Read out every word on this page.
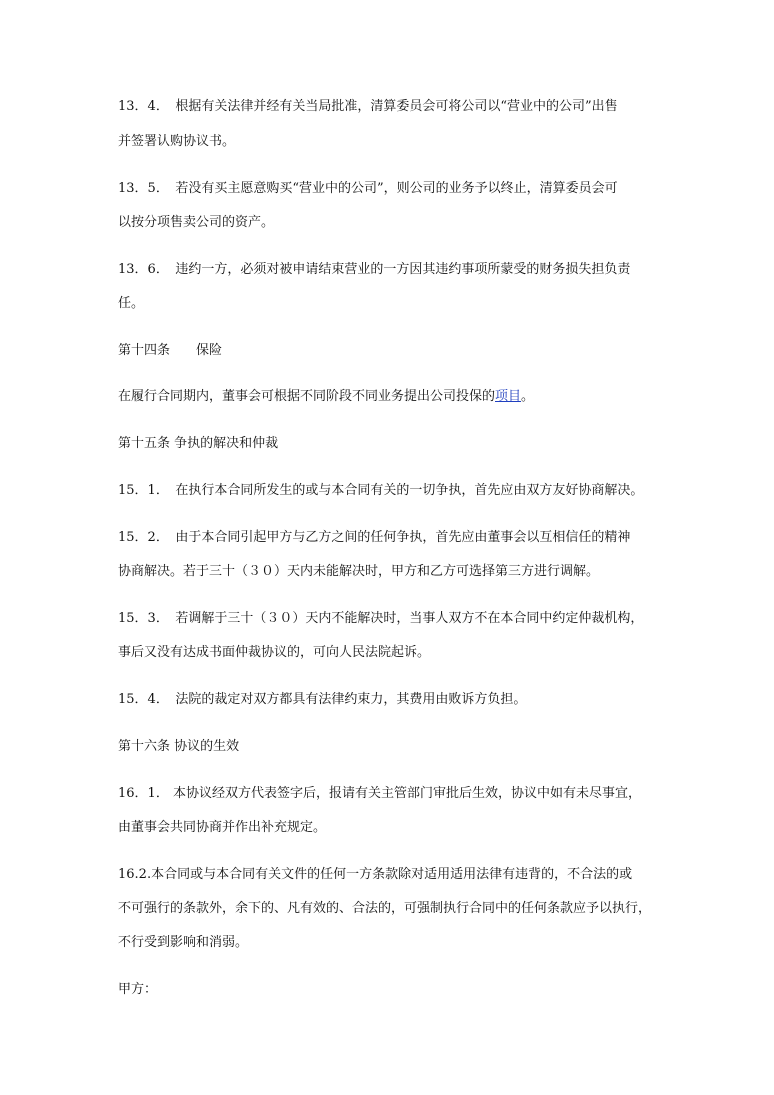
13．4．　根据有关法律并经有关当局批准，清算委员会可将公司以“营业中的公司”出售
并签署认购协议书。
13．5．　若没有买主愿意购买“营业中的公司”，则公司的业务予以终止，清算委员会可
以按分项售卖公司的资产。
13．6．　违约一方，必须对被申请结束营业的一方因其违约事项所蒙受的财务损失担负责
任。
第十四条　　保险
在履行合同期内，董事会可根据不同阶段不同业务提出公司投保的项目。
第十五条 争执的解决和仲裁
15．1．　在执行本合同所发生的或与本合同有关的一切争执，首先应由双方友好协商解决。
15．2．　由于本合同引起甲方与乙方之间的任何争执，首先应由董事会以互相信任的精神
协商解决。若于三十（３０）天内未能解决时，甲方和乙方可选择第三方进行调解。
15．3．　若调解于三十（３０）天内不能解决时，当事人双方不在本合同中约定仲裁机构，
事后又没有达成书面仲裁协议的，可向人民法院起诉。
15．4．　法院的裁定对双方都具有法律约束力，其费用由败诉方负担。
第十六条 协议的生效
16．1． 本协议经双方代表签字后，报请有关主管部门审批后生效，协议中如有未尽事宜，
由董事会共同协商并作出补充规定。
16.2.本合同或与本合同有关文件的任何一方条款除对适用适用法律有违背的，不合法的或
不可强行的条款外，余下的、凡有效的、合法的，可强制执行合同中的任何条款应予以执行，
不行受到影响和消弱。
甲方：
